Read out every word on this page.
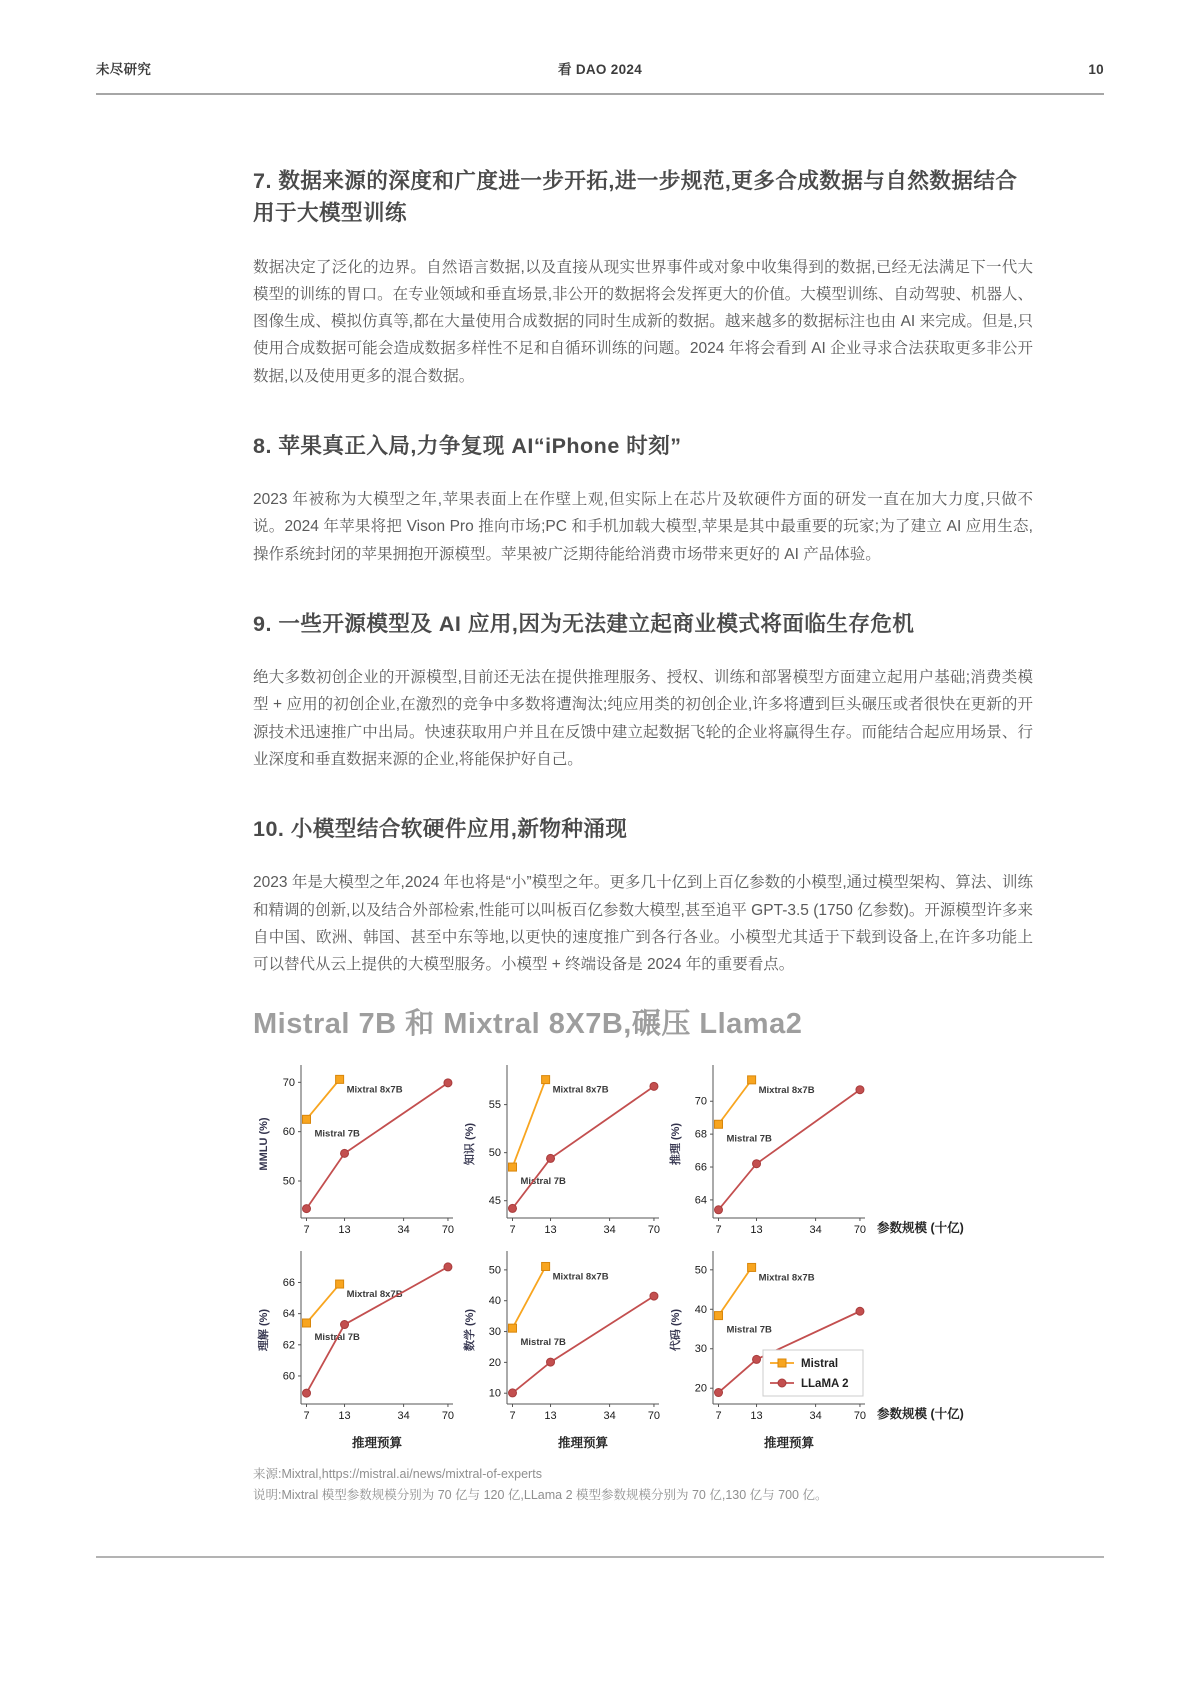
未尽研究	看 DAO 2024	10
7. 数据来源的深度和广度进一步开拓,进一步规范,更多合成数据与自然数据结合用于大模型训练

数据决定了泛化的边界。自然语言数据,以及直接从现实世界事件或对象中收集得到的数据,已经无法满足下一代大模型的训练的胃口。在专业领域和垂直场景,非公开的数据将会发挥更大的价值。大模型训练、自动驾驶、机器人、图像生成、模拟仿真等,都在大量使用合成数据的同时生成新的数据。越来越多的数据标注也由 AI 来完成。但是,只使用合成数据可能会造成数据多样性不足和自循环训练的问题。2024 年将会看到 AI 企业寻求合法获取更多非公开数据,以及使用更多的混合数据。

8. 苹果真正入局,力争复现 AI“iPhone 时刻”

2023 年被称为大模型之年,苹果表面上在作壁上观,但实际上在芯片及软硬件方面的研发一直在加大力度,只做不说。2024 年苹果将把 Vison Pro 推向市场;PC 和手机加载大模型,苹果是其中最重要的玩家;为了建立 AI 应用生态,操作系统封闭的苹果拥抱开源模型。苹果被广泛期待能给消费市场带来更好的 AI 产品体验。

9. 一些开源模型及 AI 应用,因为无法建立起商业模式将面临生存危机

绝大多数初创企业的开源模型,目前还无法在提供推理服务、授权、训练和部署模型方面建立起用户基础;消费类模型 + 应用的初创企业,在激烈的竞争中多数将遭淘汰;纯应用类的初创企业,许多将遭到巨头碾压或者很快在更新的开源技术迅速推广中出局。快速获取用户并且在反馈中建立起数据飞轮的企业将赢得生存。而能结合起应用场景、行业深度和垂直数据来源的企业,将能保护好自己。

10. 小模型结合软硬件应用,新物种涌现

2023 年是大模型之年,2024 年也将是“小”模型之年。更多几十亿到上百亿参数的小模型,通过模型架构、算法、训练和精调的创新,以及结合外部检索,性能可以叫板百亿参数大模型,甚至追平 GPT-3.5 (1750 亿参数)。开源模型许多来自中国、欧洲、韩国、甚至中东等地,以更快的速度推广到各行各业。小模型尤其适于下载到设备上,在许多功能上可以替代从云上提供的大模型服务。小模型 + 终端设备是 2024 年的重要看点。

Mistral 7B 和 Mixtral 8X7B,碾压 Llama2
7	13	34	70
50
60
70
MMLU (%)
Mixtral 8x7B
Mistral 7B
7	13	34	70
45
50
55
知识 (%)
Mixtral 8x7B
Mistral 7B
7	13	34	70
64
66
68
70
推理 (%)
Mixtral 8x7B
Mistral 7B
参数规模 (十亿)
7	13	34	70
60
62
64
66
理解 (%)
Mixtral 8x7B
Mistral 7B
推理预算
7	13	34	70
10
20
30
40
50
数学 (%)
Mixtral 8x7B
Mistral 7B
推理预算
7	13	34	70
20
30
40
50
代码 (%)
Mixtral 8x7B
Mistral 7B
推理预算
Mistral
LLaMA 2
参数规模 (十亿)
来源:Mixtral,https://mistral.ai/news/mixtral-of-experts
说明:Mixtral 模型参数规模分别为 70 亿与 120 亿,LLama 2 模型参数规模分别为 70 亿,130 亿与 700 亿。
